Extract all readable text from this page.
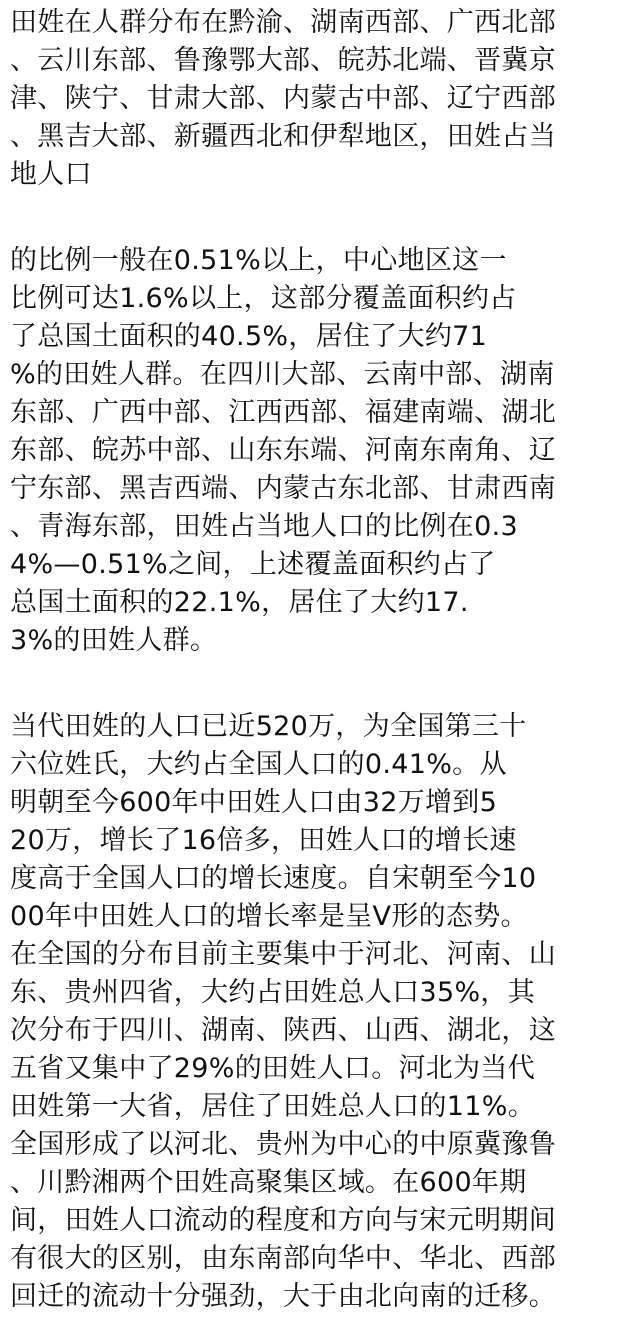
田姓在人群分布在黔渝、湖南西部、广西北部
、云川东部、鲁豫鄂大部、皖苏北端、晋冀京
津、陕宁、甘肃大部、内蒙古中部、辽宁西部
、黑吉大部、新疆西北和伊犁地区，田姓占当
地人口
的比例一般在0.51%以上，中心地区这一
比例可达1.6%以上，这部分覆盖面积约占
了总国土面积的40.5%，居住了大约71
%的田姓人群。在四川大部、云南中部、湖南
东部、广西中部、江西西部、福建南端、湖北
东部、皖苏中部、山东东端、河南东南角、辽
宁东部、黑吉西端、内蒙古东北部、甘肃西南
、青海东部，田姓占当地人口的比例在0.3
4%—0.51%之间，上述覆盖面积约占了
总国土面积的22.1%，居住了大约17.
3%的田姓人群。
当代田姓的人口已近520万，为全国第三十
六位姓氏，大约占全国人口的0.41%。从
明朝至今600年中田姓人口由32万增到5
20万，增长了16倍多，田姓人口的增长速
度高于全国人口的增长速度。自宋朝至今10
00年中田姓人口的增长率是呈V形的态势。
在全国的分布目前主要集中于河北、河南、山
东、贵州四省，大约占田姓总人口35%，其
次分布于四川、湖南、陕西、山西、湖北，这
五省又集中了29%的田姓人口。河北为当代
田姓第一大省，居住了田姓总人口的11%。
全国形成了以河北、贵州为中心的中原冀豫鲁
、川黔湘两个田姓高聚集区域。在600年期
间，田姓人口流动的程度和方向与宋元明期间
有很大的区别，由东南部向华中、华北、西部
回迁的流动十分强劲，大于由北向南的迁移。
